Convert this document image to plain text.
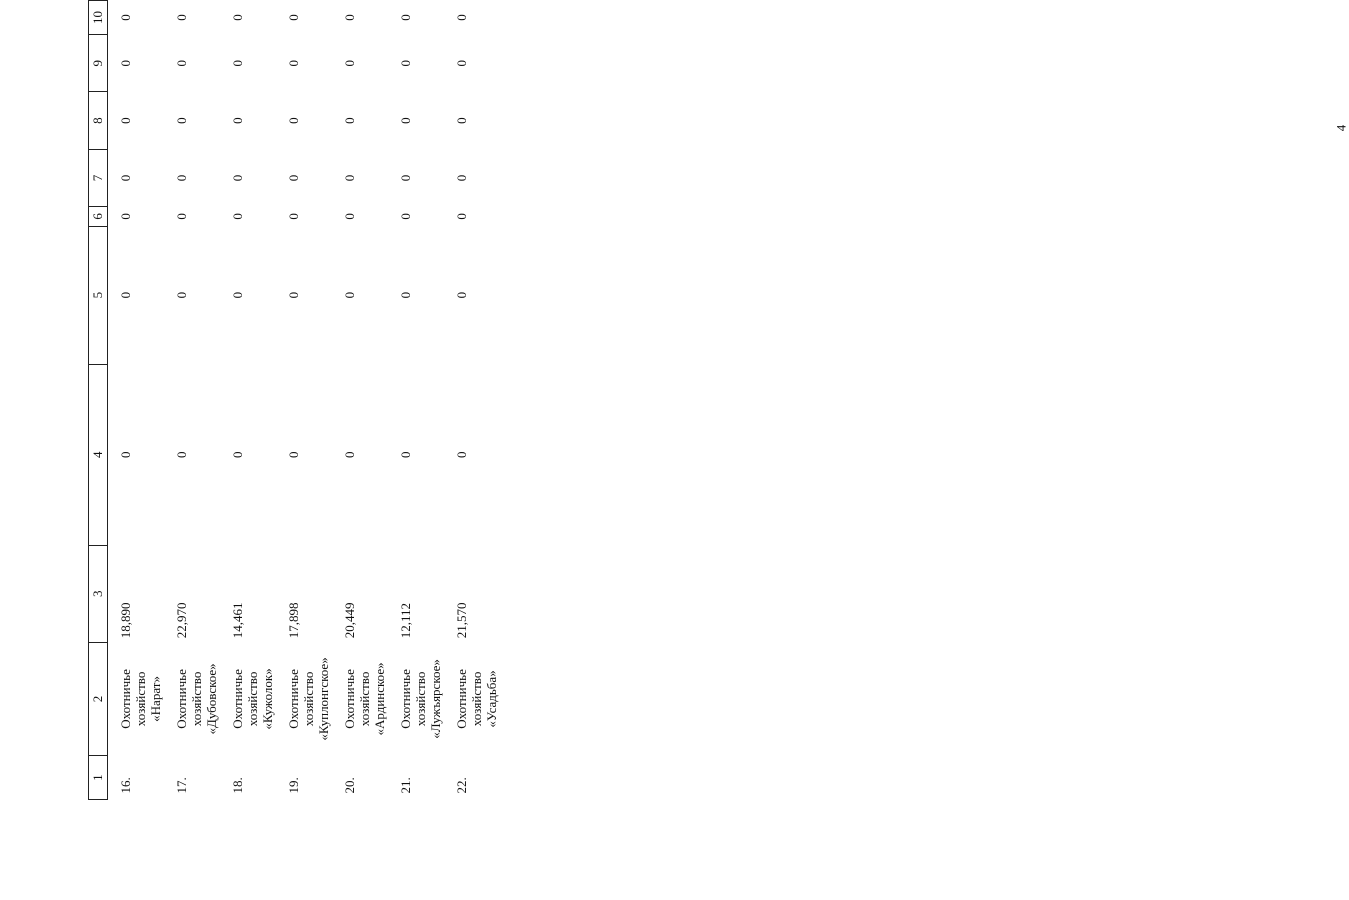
4
1	2	3	4	5	6	7	8	9	10
16.	Охотничье хозяйство «Нарат»	18,890	0	0	0	0	0	0	0
17.	Охотничье хозяйство «Дубовское»	22,970	0	0	0	0	0	0	0
18.	Охотничье хозяйство «Кужолок»	14,461	0	0	0	0	0	0	0
19.	Охотничье хозяйство «Куплонгское»	17,898	0	0	0	0	0	0	0
20.	Охотничье хозяйство «Ардинское»	20,449	0	0	0	0	0	0	0
21.	Охотничье хозяйство «Лужъярское»	12,112	0	0	0	0	0	0	0
22.	Охотничье хозяйство «Усадьба»	21,570	0	0	0	0	0	0	0
